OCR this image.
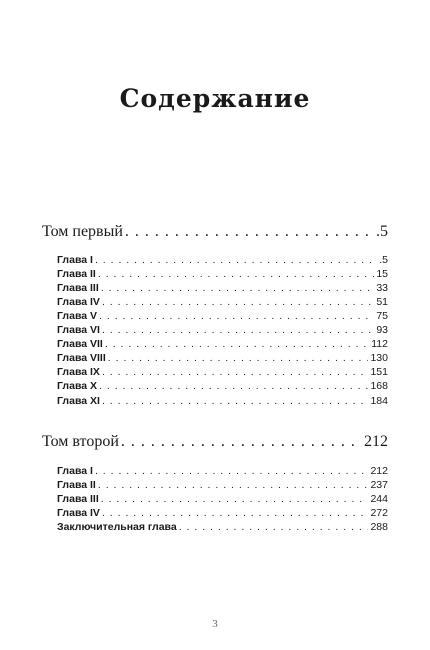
Содержание
Том первый . . .	.5
Глава I . . .	.5
Глава II . . .	15
Глава III . . .	33
Глава IV . . .	51
Глава V . . .	75
Глава VI . . .	93
Глава VII . . .	112
Глава VIII . . .	130
Глава IX . . .	151
Глава X . . .	168
Глава XI . . .	184
Том второй . . .	212
Глава I . . .	212
Глава II . . .	237
Глава III . . .	244
Глава IV . . .	272
Заключительная глава . . .	288
3
